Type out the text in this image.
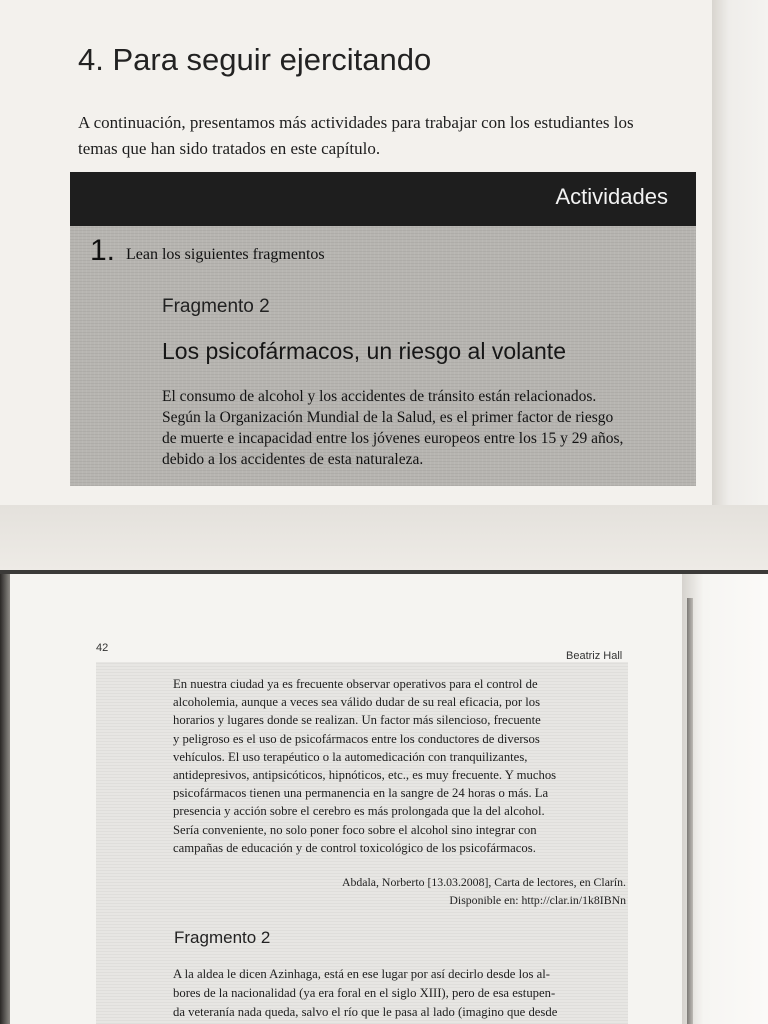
4. Para seguir ejercitando

A continuación, presentamos más actividades para trabajar con los estudiantes los
temas que han sido tratados en este capítulo.

Actividades
1. Lean los siguientes fragmentos
Fragmento 2
Los psicofármacos, un riesgo al volante

El consumo de alcohol y los accidentes de tránsito están relacionados.
Según la Organización Mundial de la Salud, es el primer factor de riesgo
de muerte e incapacidad entre los jóvenes europeos entre los 15 y 29 años,
debido a los accidentes de esta naturaleza.

42
Beatriz Hall

En nuestra ciudad ya es frecuente observar operativos para el control de
alcoholemia, aunque a veces sea válido dudar de su real eficacia, por los
horarios y lugares donde se realizan. Un factor más silencioso, frecuente
y peligroso es el uso de psicofármacos entre los conductores de diversos
vehículos. El uso terapéutico o la automedicación con tranquilizantes,
antidepresivos, antipsicóticos, hipnóticos, etc., es muy frecuente. Y muchos
psicofármacos tienen una permanencia en la sangre de 24 horas o más. La
presencia y acción sobre el cerebro es más prolongada que la del alcohol.
Sería conveniente, no solo poner foco sobre el alcohol sino integrar con
campañas de educación y de control toxicológico de los psicofármacos.

Abdala, Norberto [13.03.2008], Carta de lectores, en Clarín.
Disponible en: http://clar.in/1k8IBNn

Fragmento 2

A la aldea le dicen Azinhaga, está en ese lugar por así decirlo desde los al-
bores de la nacionalidad (ya era foral en el siglo XIII), pero de esa estupen-
da veteranía nada queda, salvo el río que le pasa al lado (imagino que desde
